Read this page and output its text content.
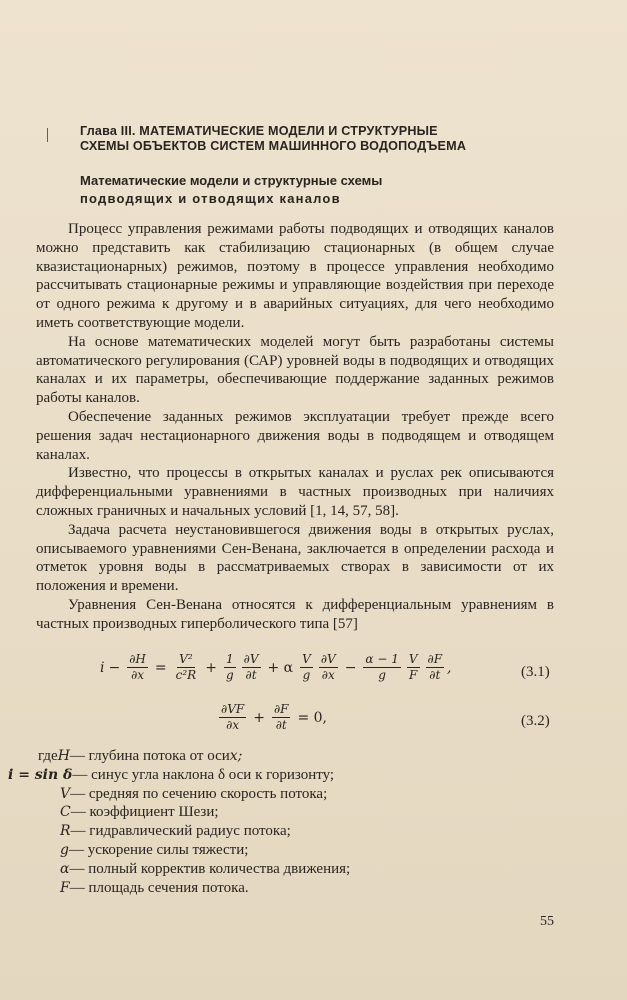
Глава III. МАТЕМАТИЧЕСКИЕ МОДЕЛИ И СТРУКТУРНЫЕ
СХЕМЫ ОБЪЕКТОВ СИСТЕМ МАШИННОГО ВОДОПОДЪЕМА
Математические модели и структурные схемы
подводящих и отводящих каналов

Процесс управления режимами работы подводящих и отводящих каналов можно представить как стабилизацию стационарных (в общем случае квазистационарных) режимов, поэтому в процессе управления необходимо рассчитывать стационарные режимы и управляющие воздействия при переходе от одного режима к другому и в аварийных ситуациях, для чего необходимо иметь соответствующие модели.

На основе математических моделей могут быть разработаны системы автоматического регулирования (САР) уровней воды в подводящих и отводящих каналах и их параметры, обеспечивающие поддержание заданных режимов работы каналов.

Обеспечение заданных режимов эксплуатации требует прежде всего решения задач нестационарного движения воды в подводящем и отводящем каналах.

Известно, что процессы в открытых каналах и руслах рек описываются дифференциальными уравнениями в частных производных при наличиях сложных граничных и начальных условий [1, 14, 57, 58].

Задача расчета неустановившегося движения воды в открытых руслах, описываемого уравнениями Сен-Венана, заключается в определении расхода и отметок уровня воды в рассматриваемых створах в зависимости от их положения и времени.

Уравнения Сен-Венана относятся к дифференциальным уравнениям в частных производных гиперболического типа [57]

$i - \frac{\partial H}{\partial x} = \frac{\text{V²}}{\text{c²R}} + \frac{1}{g} \frac{\partial V}{\partial t} + \alpha \frac{V}{g} \frac{\partial V}{\partial x} - \frac{\alpha - 1}{g} \frac{V}{F} \frac{\partial F}{\partial t}$ ,	(3.1)
$\frac{\partial VF}{\partial x} + \frac{\partial F}{\partial t} = 0$,	(3.2)
где H — глубина потока от оси x;
i = sin δ — синус угла наклона δ оси к горизонту;
V — средняя по сечению скорость потока;
C — коэффициент Шези;
R — гидравлический радиус потока;
g — ускорение силы тяжести;
α — полный корректив количества движения;
F — площадь сечения потока.
55
